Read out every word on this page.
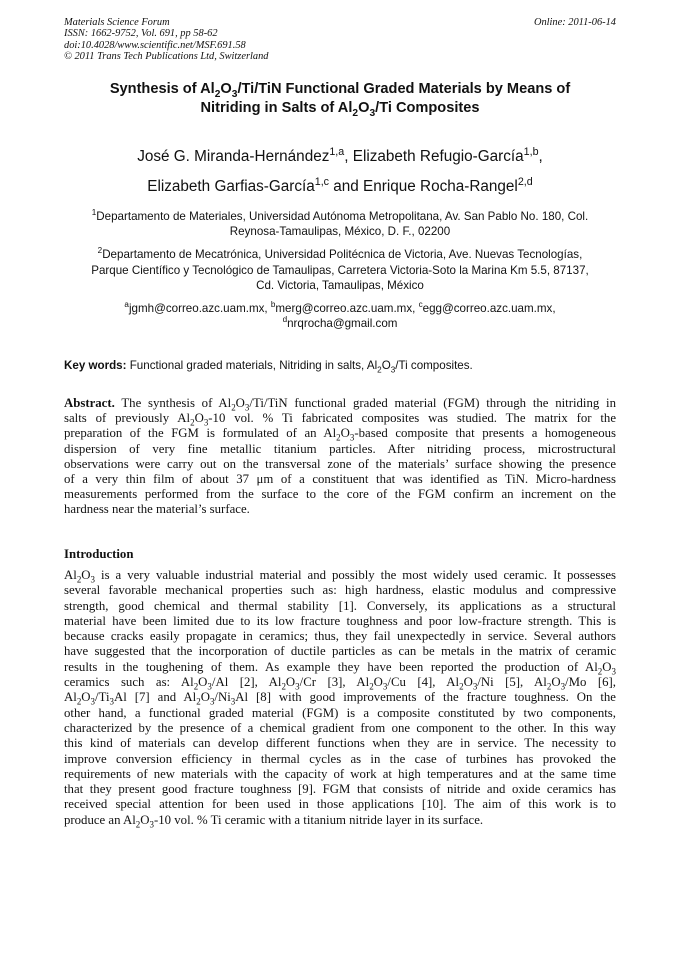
Materials Science Forum
ISSN: 1662-9752, Vol. 691, pp 58-62
doi:10.4028/www.scientific.net/MSF.691.58
© 2011 Trans Tech Publications Ltd, Switzerland
Online: 2011-06-14
Synthesis of $Al_2O_3/Ti$/TiN Functional Graded Materials by Means of
Nitriding in Salts of $Al_2O_3/Ti$ Composites
José G. Miranda-Hernández$^{1,a}$, Elizabeth Refugio-García$^{1,b}$,
Elizabeth Garfias-García$^{1,c}$ and Enrique Rocha-Rangel$^{2,d}$
$^1$Departamento de Materiales, Universidad Autónoma Metropolitana, Av. San Pablo No. 180, Col.
Reynosa-Tamaulipas, México, D. F., 02200
$^2$Departamento de Mecatrónica, Universidad Politécnica de Victoria, Ave. Nuevas Tecnologías,
Parque Científico y Tecnológico de Tamaulipas, Carretera Victoria-Soto la Marina Km 5.5, 87137,
Cd. Victoria, Tamaulipas, México
$^a$jgmh@correo.azc.uam.mx, $^b$merg@correo.azc.uam.mx, $^c$egg@correo.azc.uam.mx,
$^d$nrqrocha@gmail.com
Key words: Functional graded materials, Nitriding in salts, $Al_2O_3/Ti$ composites.
Abstract. The synthesis of $Al_2O_3/Ti$/TiN functional graded material (FGM) through the nitriding in
salts of previously $Al_2O_3-10$ vol. % Ti fabricated composites was studied. The matrix for the
preparation of the FGM is formulated of an $Al_2O_3$-based composite that presents a homogeneous
dispersion of very fine metallic titanium particles. After nitriding process, microstructural
observations were carry out on the transversal zone of the materials’ surface showing the presence
of a very thin film of about 37 μm of a constituent that was identified as TiN. Micro-hardness
measurements performed from the surface to the core of the FGM confirm an increment on the
hardness near the material’s surface.
Introduction
$Al_2O_3$ is a very valuable industrial material and possibly the most widely used ceramic. It possesses
several favorable mechanical properties such as: high hardness, elastic modulus and compressive
strength, good chemical and thermal stability [1]. Conversely, its applications as a structural
material have been limited due to its low fracture toughness and poor low-fracture strength. This is
because cracks easily propagate in ceramics; thus, they fail unexpectedly in service. Several authors
have suggested that the incorporation of ductile particles as can be metals in the matrix of ceramic
results in the toughening of them. As example they have been reported the production of $Al_2O_3$
ceramics such as: $Al_2O_3/Al$ [2], $Al_2O_3/Cr$ [3], $Al_2O_3/Cu$ [4], $Al_2O_3/Ni$ [5], $Al_2O_3/Mo$ [6],
$Al_2O_3/Ti_3Al$ [7] and $Al_2O_3/Ni_3Al$ [8] with good improvements of the fracture toughness. On the
other hand, a functional graded material (FGM) is a composite constituted by two components,
characterized by the presence of a chemical gradient from one component to the other. In this way
this kind of materials can develop different functions when they are in service. The necessity to
improve conversion efficiency in thermal cycles as in the case of turbines has provoked the
requirements of new materials with the capacity of work at high temperatures and at the same time
that they present good fracture toughness [9]. FGM that consists of nitride and oxide ceramics has
received special attention for been used in those applications [10]. The aim of this work is to
produce an $Al_2O_3-10$ vol. % Ti ceramic with a titanium nitride layer in its surface.
